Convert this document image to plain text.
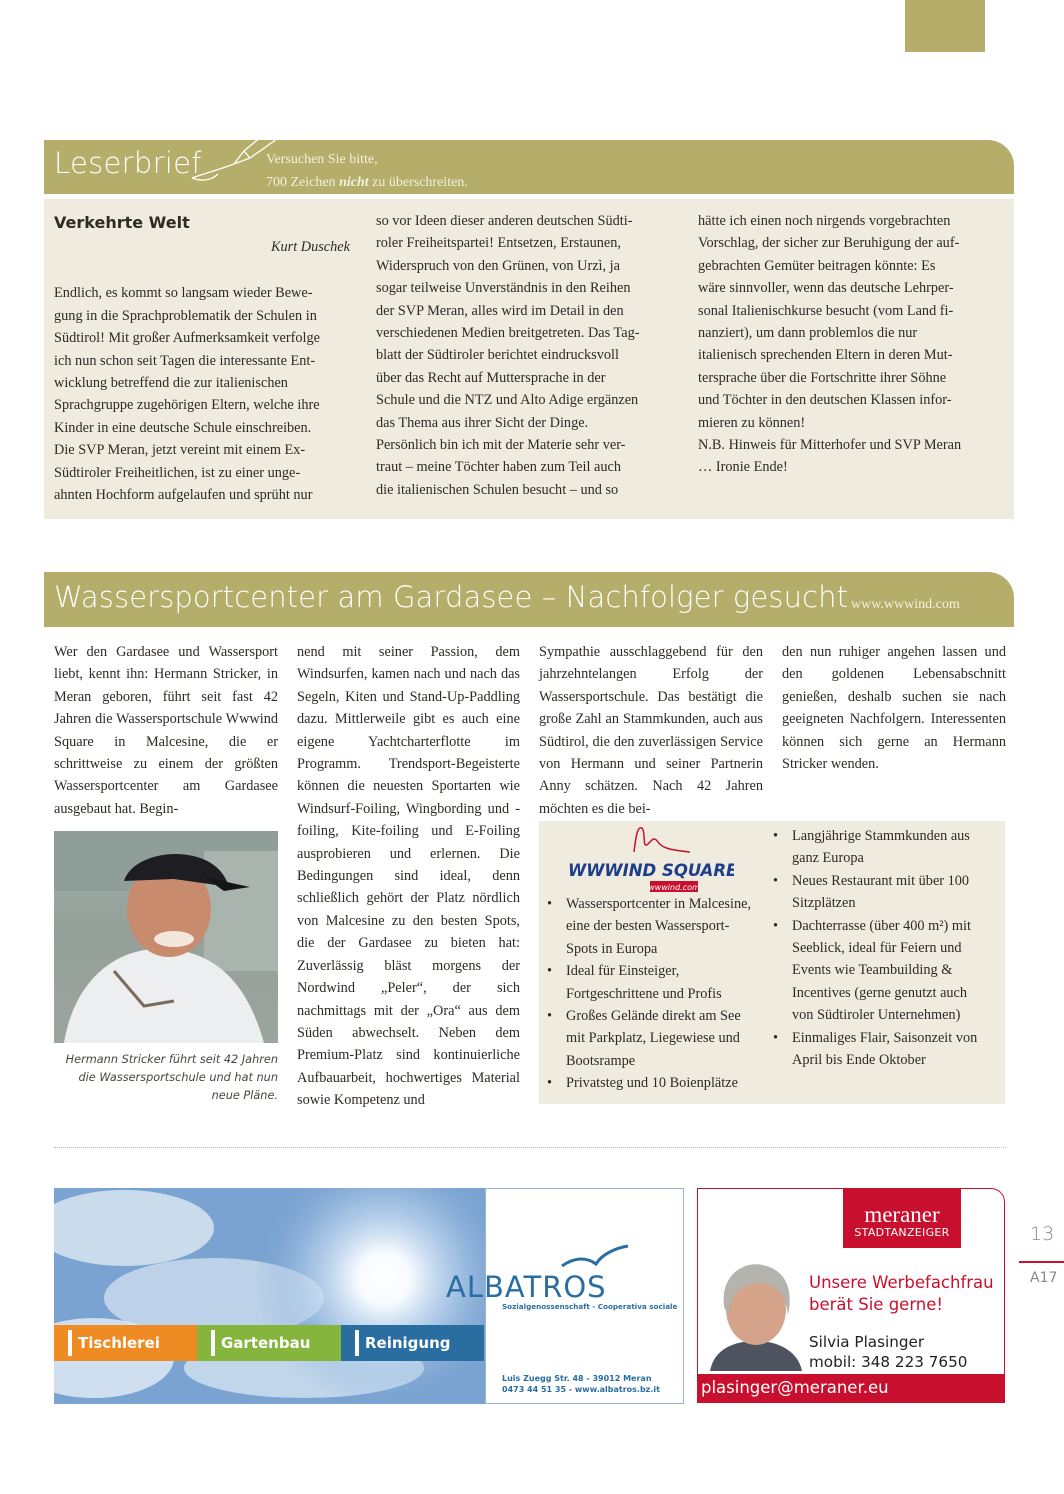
Leserbrief	Versuchen Sie bitte,
700 Zeichen nicht zu überschreiten.
Verkehrte Welt
Kurt Duschek
Endlich, es kommt so langsam wieder Bewe-
gung in die Sprachproblematik der Schulen in
Südtirol! Mit großer Aufmerksamkeit verfolge
ich nun schon seit Tagen die interessante Ent-
wicklung betreffend die zur italienischen
Sprachgruppe zugehörigen Eltern, welche ihre
Kinder in eine deutsche Schule einschreiben.
Die SVP Meran, jetzt vereint mit einem Ex-
Südtiroler Freiheitlichen, ist zu einer unge-
ahnten Hochform aufgelaufen und sprüht nur
so vor Ideen dieser anderen deutschen Südti-
roler Freiheitspartei! Entsetzen, Erstaunen,
Widerspruch von den Grünen, von Urzì, ja
sogar teilweise Unverständnis in den Reihen
der SVP Meran, alles wird im Detail in den
verschiedenen Medien breitgetreten. Das Tag-
blatt der Südtiroler berichtet eindrucksvoll
über das Recht auf Muttersprache in der
Schule und die NTZ und Alto Adige ergänzen
das Thema aus ihrer Sicht der Dinge.
Persönlich bin ich mit der Materie sehr ver-
traut – meine Töchter haben zum Teil auch
die italienischen Schulen besucht – und so
hätte ich einen noch nirgends vorgebrachten
Vorschlag, der sicher zur Beruhigung der auf-
gebrachten Gemüter beitragen könnte: Es
wäre sinnvoller, wenn das deutsche Lehrper-
sonal Italienischkurse besucht (vom Land fi-
nanziert), um dann problemlos die nur
italienisch sprechenden Eltern in deren Mut-
tersprache über die Fortschritte ihrer Söhne
und Töchter in den deutschen Klassen infor-
mieren zu können!
N.B. Hinweis für Mitterhofer und SVP Meran
… Ironie Ende!
Wassersportcenter am Gardasee – Nachfolger gesucht www.wwwind.com
Wer den Gardasee und Wassersport liebt, kennt ihn: Hermann Stricker, in Meran geboren, führt seit fast 42 Jahren die Wassersportschule Wwwind Square in Malcesine, die er schrittweise zu einem der größten Wassersportcenter am Gardasee ausgebaut hat. Begin-
Hermann Stricker führt seit 42 Jahren die Wassersportschule und hat nun neue Pläne.
nend mit seiner Passion, dem Windsurfen, kamen nach und nach das Segeln, Kiten und Stand-Up-Paddling dazu. Mittlerweile gibt es auch eine eigene Yachtcharterflotte im Programm. Trendsport-Begeisterte können die neuesten Sportarten wie Windsurf-Foiling, Wingbording und -foiling, Kite-foiling und E-Foiling ausprobieren und erlernen. Die Bedingungen sind ideal, denn schließlich gehört der Platz nördlich von Malcesine zu den besten Spots, die der Gardasee zu bieten hat: Zuverlässig bläst morgens der Nordwind „Peler“, der sich nachmittags mit der „Ora“ aus dem Süden abwechselt. Neben dem Premium-Platz sind kontinuierliche Aufbauarbeit, hochwertiges Material sowie Kompetenz und
Sympathie ausschlaggebend für den jahrzehntelangen Erfolg der Wassersportschule. Das bestätigt die große Zahl an Stammkunden, auch aus Südtirol, die den zuverlässigen Service von Hermann und seiner Partnerin Anny schätzen. Nach 42 Jahren möchten es die bei-
den nun ruhiger angehen lassen und den goldenen Lebensabschnitt genießen, deshalb suchen sie nach geeigneten Nachfolgern. Interessenten können sich gerne an Hermann Stricker wenden.
WWWIND SQUARE
wwwind.com
• Wassersportcenter in Malcesine, eine der besten Wassersport-Spots in Europa
• Ideal für Einsteiger, Fortgeschrittene und Profis
• Großes Gelände direkt am See mit Parkplatz, Liegewiese und Bootsrampe
• Privatsteg und 10 Boienplätze
• Langjährige Stammkunden aus ganz Europa
• Neues Restaurant mit über 100 Sitzplätzen
• Dachterrasse (über 400 m²) mit Seeblick, ideal für Feiern und Events wie Teambuilding & Incentives (gerne genutzt auch von Südtiroler Unternehmen)
• Einmaliges Flair, Saisonzeit von April bis Ende Oktober
ALBATROS
Sozialgenossenschaft - Cooperativa sociale
Tischlerei	Gartenbau	Reinigung
Luis Zuegg Str. 48 - 39012 Meran
0473 44 51 35 - www.albatros.bz.it
meraner
STADTANZEIGER
Unsere Werbefachfrau
berät Sie gerne!
Silvia Plasinger
mobil: 348 223 7650
plasinger@meraner.eu
13
A17
